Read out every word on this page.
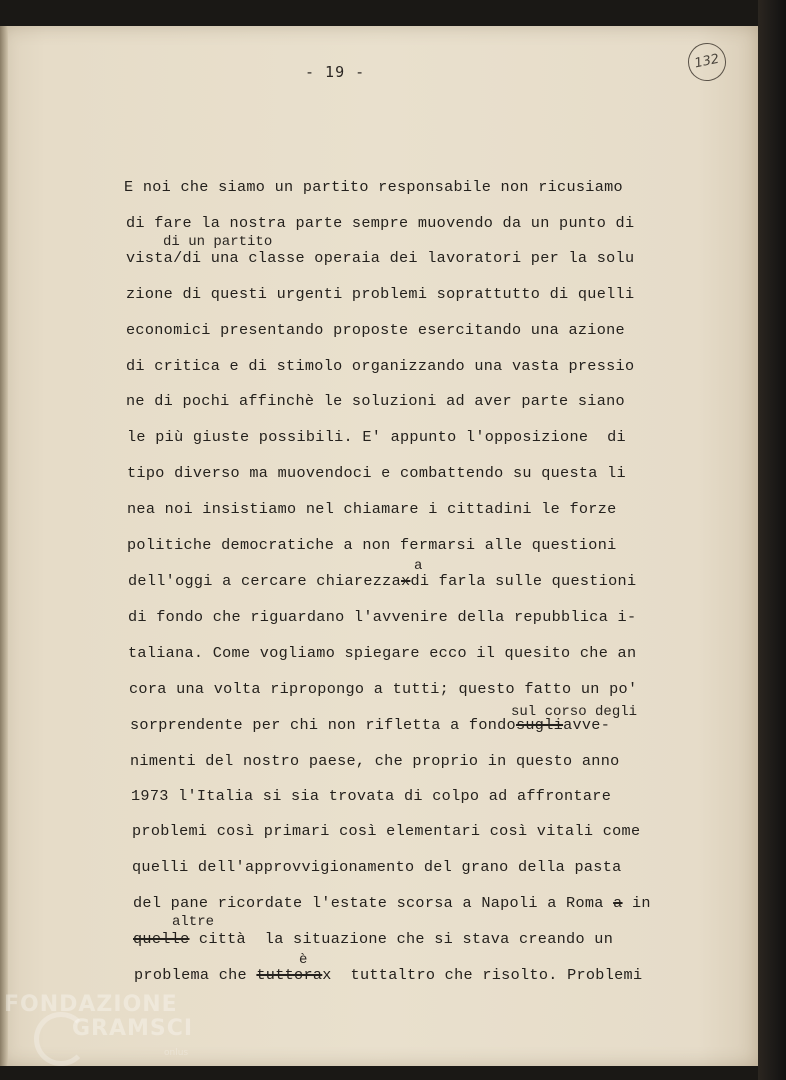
- 19 -
132
E noi che siamo un partito responsabile non ricusiamo
di fare la nostra parte sempre muovendo da un punto di
vista/di una classe operaia dei lavoratori per la solu
zione di questi urgenti problemi soprattutto di quelli
economici presentando proposte esercitando una azione
di critica e di stimolo organizzando una vasta pressio
ne di pochi affinchè le soluzioni ad aver parte siano
le più giuste possibili. E' appunto l'opposizione  di
tipo diverso ma muovendoci e combattendo su questa li
nea noi insistiamo nel chiamare i cittadini le forze
politiche democratiche a non fermarsi alle questioni
dell'oggi a cercare chiarezzaxdi farla sulle questioni
di fondo che riguardano l'avvenire della repubblica i-
taliana. Come vogliamo spiegare ecco il quesito che an
cora una volta ripropongo a tutti; questo fatto un po'
sorprendente per chi non rifletta a fondosugliavve-
nimenti del nostro paese, che proprio in questo anno
1973 l'Italia si sia trovata di colpo ad affrontare
problemi così primari così elementari così vitali come
quelli dell'approvvigionamento del grano della pasta
del pane ricordate l'estate scorsa a Napoli a Roma a in
quelle città  la situazione che si stava creando un
problema che tuttorax tuttaltro che risolto. Problemi
di un partito
a
sul corso degli
altre
è
FONDAZIONE
GRAMSCI
onlus
